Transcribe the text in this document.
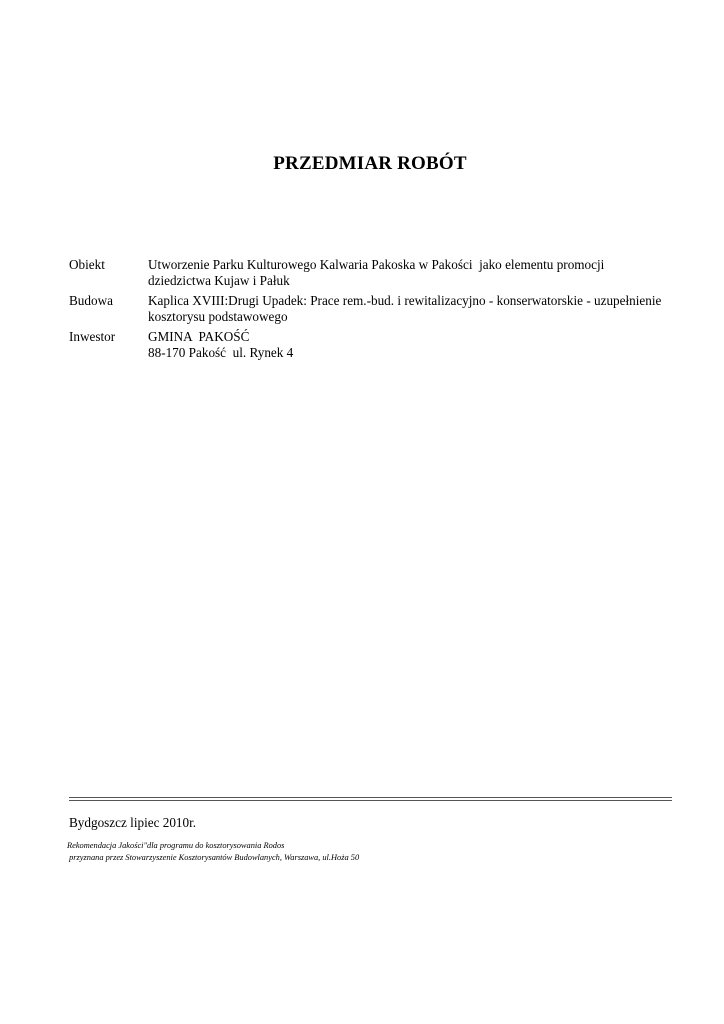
PRZEDMIAR ROBÓT
Obiekt	Utworzenie Parku Kulturowego Kalwaria Pakoska w Pakości  jako elementu promocji
dziedzictwa Kujaw i Pałuk
Budowa	Kaplica XVIII:Drugi Upadek: Prace rem.-bud. i rewitalizacyjno - konserwatorskie - uzupełnienie
kosztorysu podstawowego
Inwestor	GMINA  PAKOŚĆ
88-170 Pakość  ul. Rynek 4
Bydgoszcz lipiec 2010r.
Rekomendacja Jakości"dla programu do kosztorysowania Rodos
przyznana przez Stowarzyszenie Kosztorysantów Budowlanych, Warszawa, ul.Hoża 50
